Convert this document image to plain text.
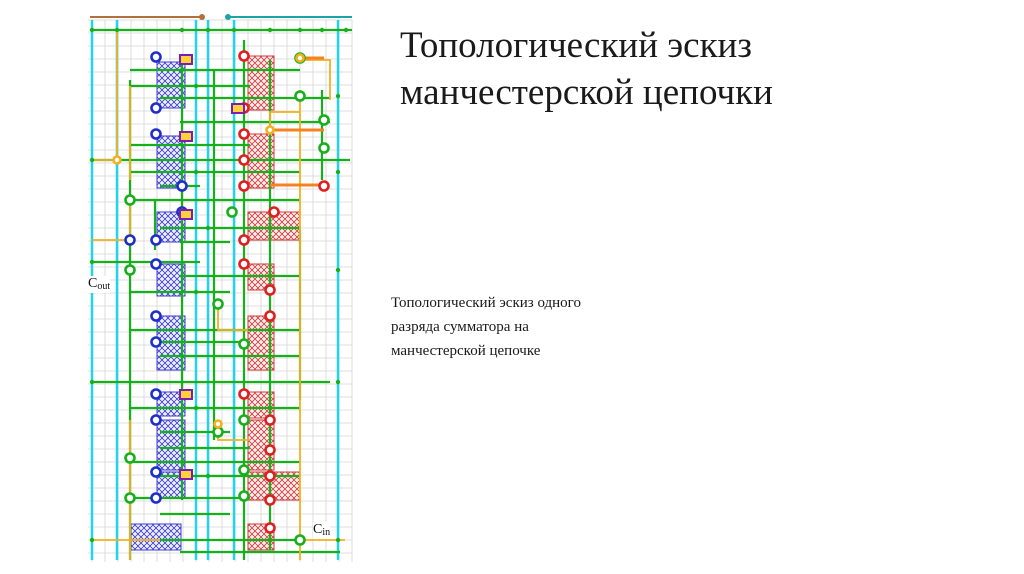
Топологический эскиз
манчестерской цепочки
Топологический эскиз одного
разряда сумматора на
манчестерской цепочке
$C_{out}$
$C_{in}$
